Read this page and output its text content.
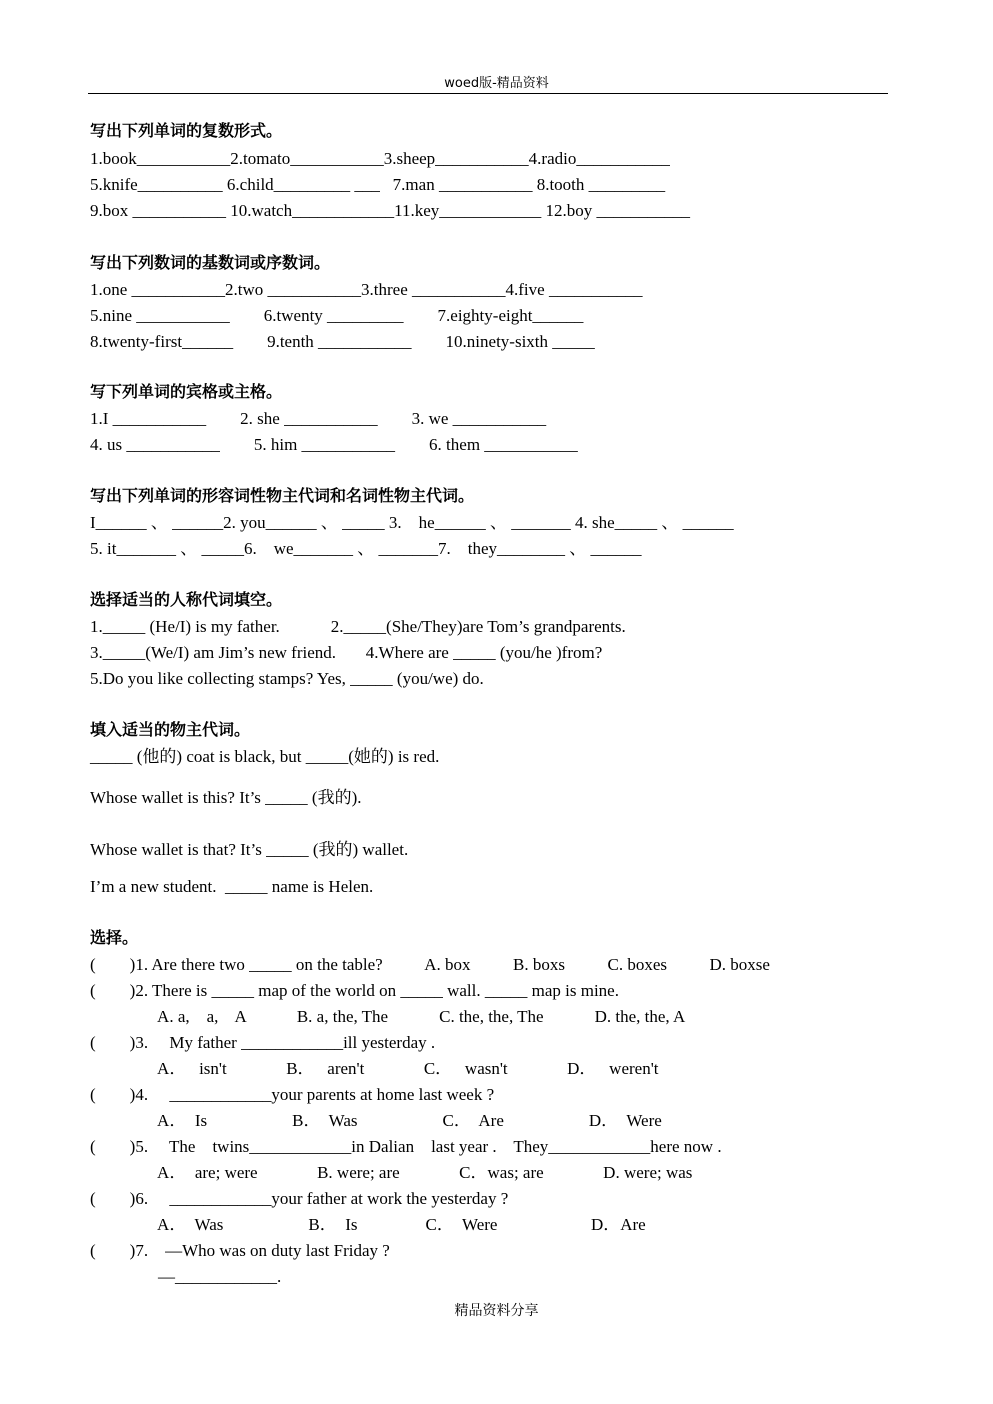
woed版-精品资料
写出下列单词的复数形式。
1.book___________2.tomato___________3.sheep___________4.radio___________
5.knife__________ 6.child_________ ___   7.man ___________ 8.tooth _________
9.box ___________ 10.watch____________11.key____________ 12.boy ___________
写出下列数词的基数词或序数词。
1.one ___________2.two ___________3.three ___________4.five ___________
5.nine ___________        6.twenty _________        7.eighty-eight______
8.twenty-first______        9.tenth ___________        10.ninety-sixth _____
写下列单词的宾格或主格。
1.I ___________        2. she ___________        3. we ___________
4. us ___________        5. him ___________        6. them ___________
写出下列单词的形容词性物主代词和名词性物主代词。
I______ 、 ______2. you______ 、 _____ 3.    he______ 、 _______ 4. she_____ 、 ______
5. it_______ 、 _____6.    we_______ 、 _______7.    they________ 、 ______
选择适当的人称代词填空。
1._____ (He/I) is my father.            2._____(She/They)are Tom’s grandparents.
3._____(We/I) am Jim’s new friend.       4.Where are _____ (you/he )from?
5.Do you like collecting stamps? Yes, _____ (you/we) do.
填入适当的物主代词。
_____ (他的) coat is black, but _____(她的) is red.
Whose wallet is this? It’s _____ (我的).
Whose wallet is that? It’s _____ (我的) wallet.
I’m a new student.  _____ name is Helen.
选择。
(        )1. Are there two _____ on the table?          A. box          B. boxs          C. boxes          D. boxse
(        )2. There is _____ map of the world on _____ wall. _____ map is mine.
A. a,    a,    A            B. a, the, The            C. the, the, The            D. the, the, A
(        )3.     My father ____________ill yesterday .
A．   isn't              B．   aren't              C．   wasn't              D．   weren't
(        )4.     ____________your parents at home last week ?
A．  Is                    B．  Was                    C．  Are                    D．  Were
(        )5.     The    twins____________in Dalian    last year .    They____________here now .
A．  are; were              B. were; are              C．was; are              D. were; was
(        )6.     ____________your father at work the yesterday ?
A．  Was                    B．  Is                C．  Were                      D．Are
(        )7.    —Who was on duty last Friday ?
—____________.
精品资料分享
